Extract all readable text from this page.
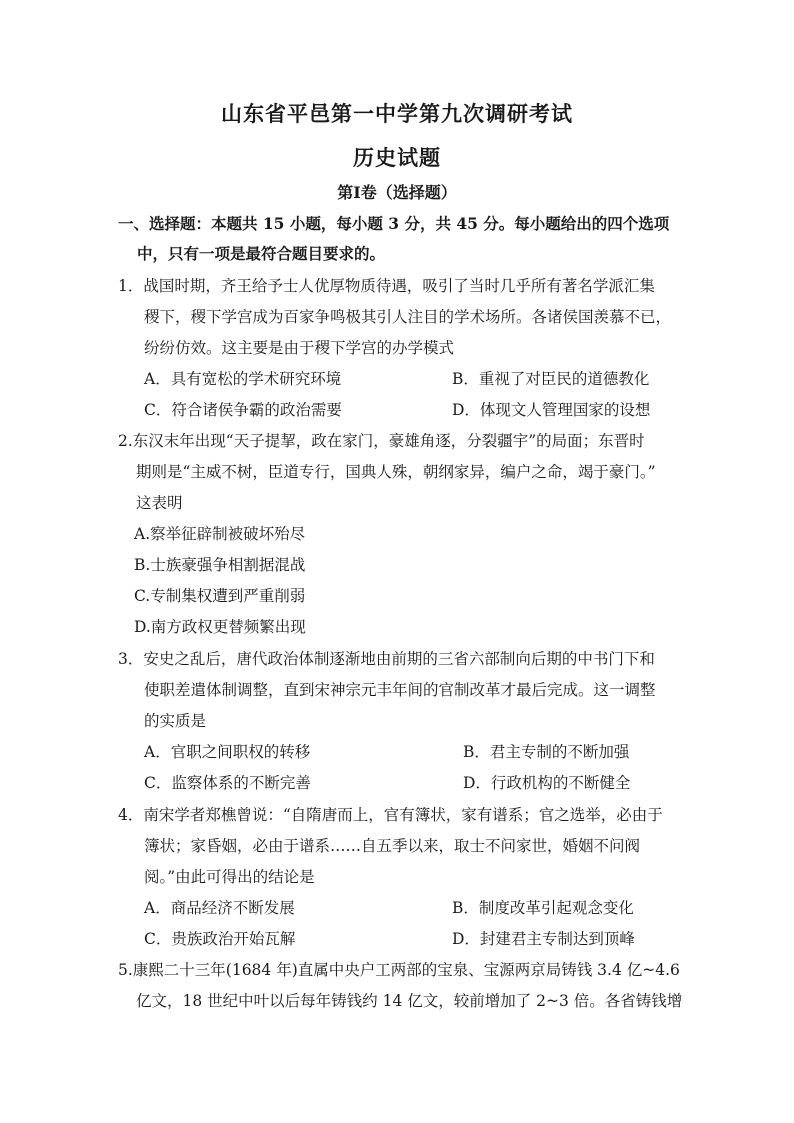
山东省平邑第一中学第九次调研考试
历史试题
第Ⅰ卷（选择题）
一、选择题：本题共 15 小题，每小题 3 分，共 45 分。每小题给出的四个选项
中，只有一项是最符合题目要求的。
1．战国时期，齐王给予士人优厚物质待遇，吸引了当时几乎所有著名学派汇集
稷下，稷下学宫成为百家争鸣极其引人注目的学术场所。各诸侯国羡慕不已，
纷纷仿效。这主要是由于稷下学宫的办学模式
A．具有宽松的学术研究环境	B．重视了对臣民的道德教化
C．符合诸侯争霸的政治需要	D．体现文人管理国家的设想
2.东汉末年出现“天子提挈，政在家门，豪雄角逐，分裂疆宇”的局面；东晋时
期则是“主威不树，臣道专行，国典人殊，朝纲家异，编户之命，竭于豪门。”
这表明
A.察举征辟制被破坏殆尽
B.士族豪强争相割据混战
C.专制集权遭到严重削弱
D.南方政权更替频繁出现
3．安史之乱后，唐代政治体制逐渐地由前期的三省六部制向后期的中书门下和
使职差遣体制调整，直到宋神宗元丰年间的官制改革才最后完成。这一调整
的实质是
A．官职之间职权的转移	B．君主专制的不断加强
C．监察体系的不断完善	D．行政机构的不断健全
4．南宋学者郑樵曾说：“自隋唐而上，官有簿状，家有谱系；官之选举，必由于
簿状；家昏姻，必由于谱系……自五季以来，取士不问家世，婚姻不问阀
阅。”由此可得出的结论是
A．商品经济不断发展	B．制度改革引起观念变化
C．贵族政治开始瓦解	D．封建君主专制达到顶峰
5.康熙二十三年(1684 年)直属中央户工两部的宝泉、宝源两京局铸钱 3.4 亿~4.6
亿文，18 世纪中叶以后每年铸钱约 14 亿文，较前增加了 2~3 倍。各省铸钱增
